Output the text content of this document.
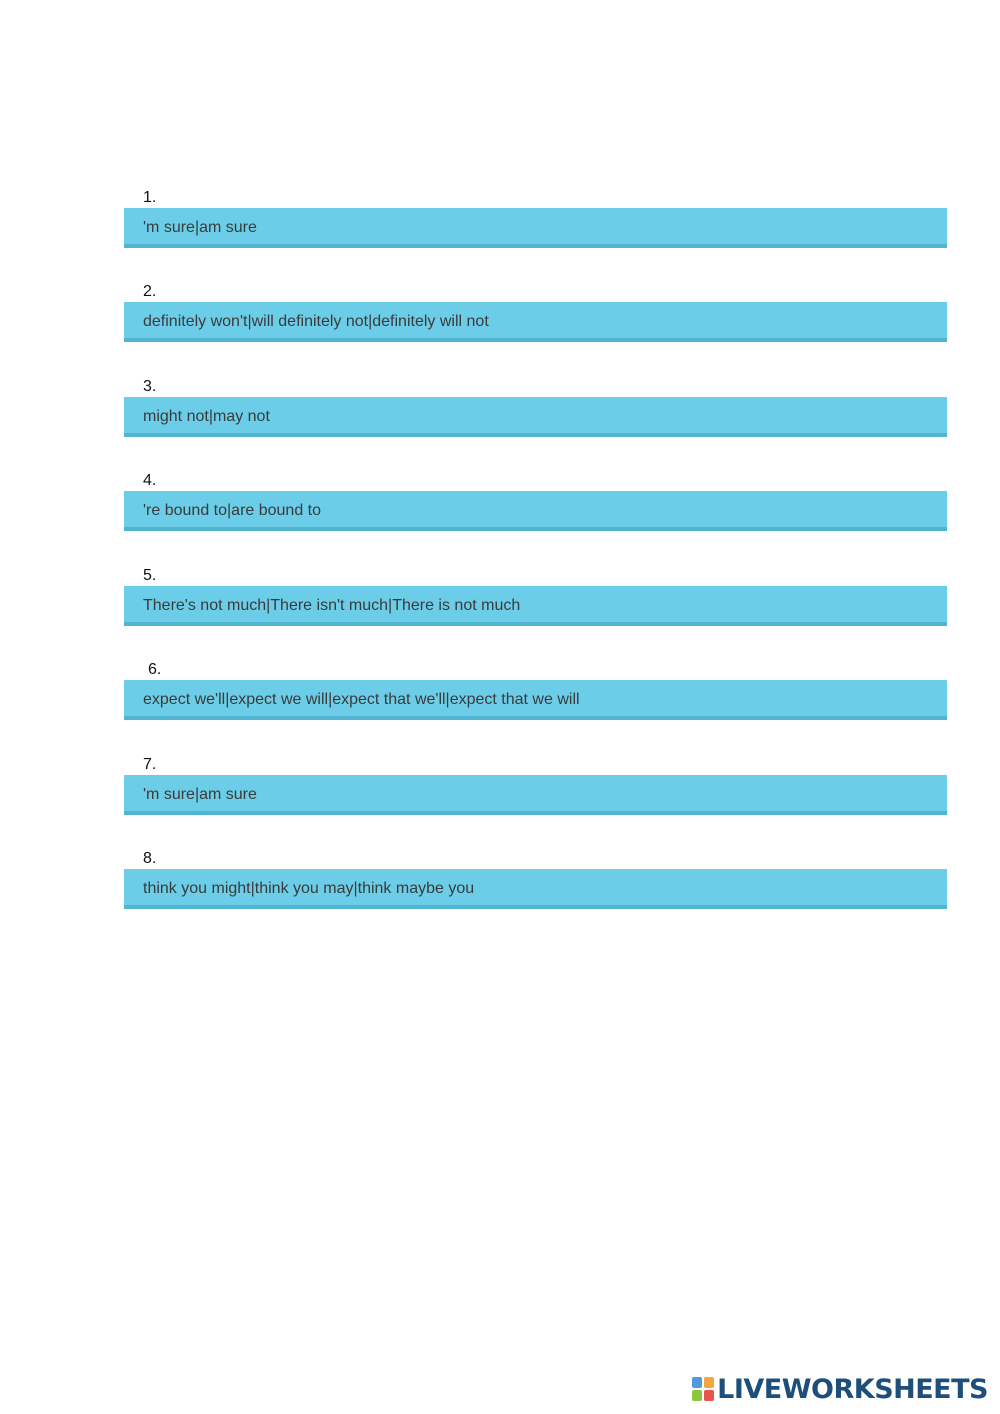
1.
'm sure|am sure
2.
definitely won't|will definitely not|definitely will not
3.
might not|may not
4.
're bound to|are bound to
5.
There's not much|There isn't much|There is not much
6.
expect we'll|expect we will|expect that we'll|expect that we will
7.
'm sure|am sure
8.
think you might|think you may|think maybe you
LIVEWORKSHEETS
